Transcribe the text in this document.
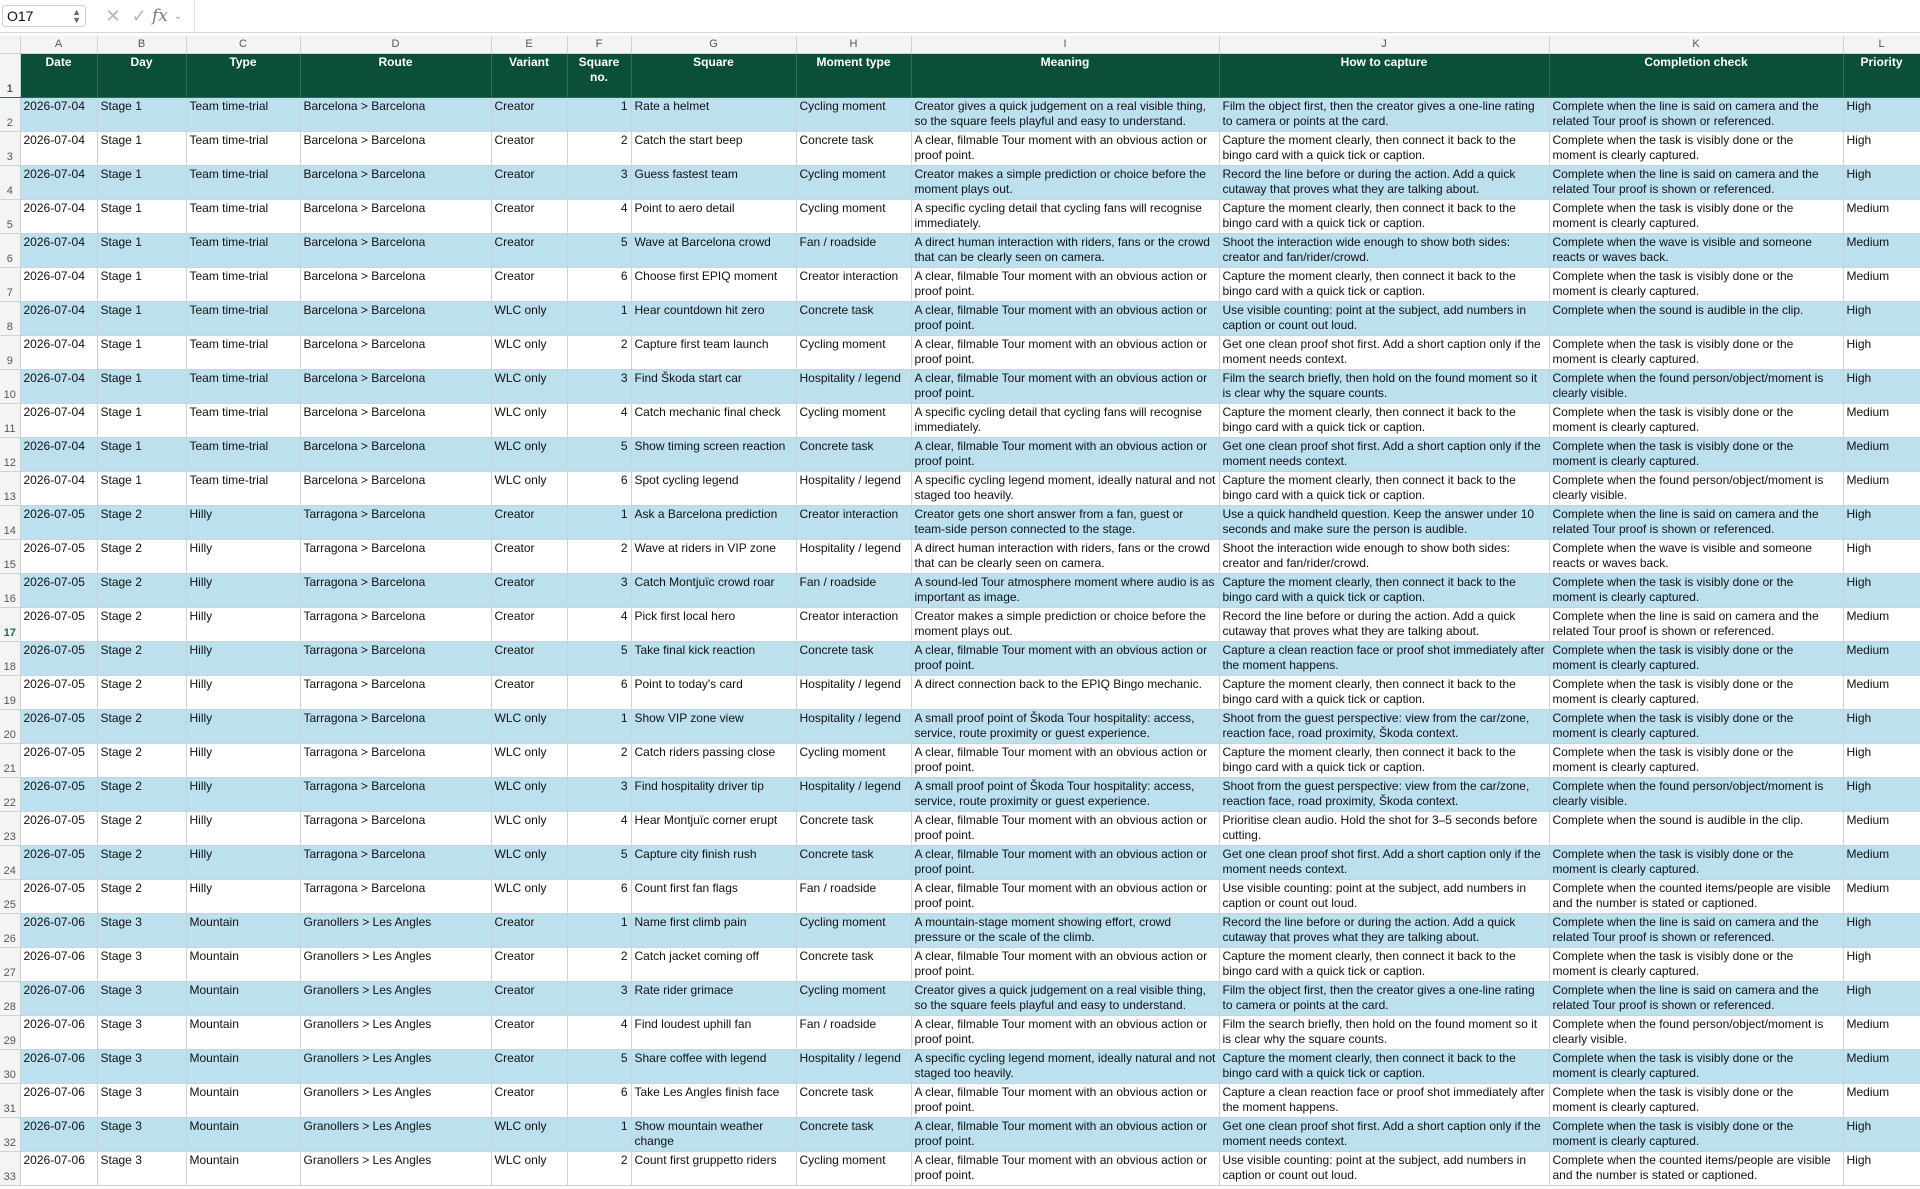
O17	▲
▼	✕ ✓ fx ⌄
	A	B	C	D	E	F	G	H	I	J	K	L
1	Date	Day	Type	Route	Variant	Square no.	Square	Moment type	Meaning	How to capture	Completion check	Priority
2	2026-07-04	Stage 1	Team time-trial	Barcelona > Barcelona	Creator	1	Rate a helmet	Cycling moment	Creator gives a quick judgement on a real visible thing, so the square feels playful and easy to understand.	Film the object first, then the creator gives a one-line rating to camera or points at the card.	Complete when the line is said on camera and the related Tour proof is shown or referenced.	High
3	2026-07-04	Stage 1	Team time-trial	Barcelona > Barcelona	Creator	2	Catch the start beep	Concrete task	A clear, filmable Tour moment with an obvious action or proof point.	Capture the moment clearly, then connect it back to the bingo card with a quick tick or caption.	Complete when the task is visibly done or the moment is clearly captured.	High
4	2026-07-04	Stage 1	Team time-trial	Barcelona > Barcelona	Creator	3	Guess fastest team	Cycling moment	Creator makes a simple prediction or choice before the moment plays out.	Record the line before or during the action. Add a quick cutaway that proves what they are talking about.	Complete when the line is said on camera and the related Tour proof is shown or referenced.	High
5	2026-07-04	Stage 1	Team time-trial	Barcelona > Barcelona	Creator	4	Point to aero detail	Cycling moment	A specific cycling detail that cycling fans will recognise immediately.	Capture the moment clearly, then connect it back to the bingo card with a quick tick or caption.	Complete when the task is visibly done or the moment is clearly captured.	Medium
6	2026-07-04	Stage 1	Team time-trial	Barcelona > Barcelona	Creator	5	Wave at Barcelona crowd	Fan / roadside	A direct human interaction with riders, fans or the crowd that can be clearly seen on camera.	Shoot the interaction wide enough to show both sides: creator and fan/rider/crowd.	Complete when the wave is visible and someone reacts or waves back.	Medium
7	2026-07-04	Stage 1	Team time-trial	Barcelona > Barcelona	Creator	6	Choose first EPIQ moment	Creator interaction	A clear, filmable Tour moment with an obvious action or proof point.	Capture the moment clearly, then connect it back to the bingo card with a quick tick or caption.	Complete when the task is visibly done or the moment is clearly captured.	Medium
8	2026-07-04	Stage 1	Team time-trial	Barcelona > Barcelona	WLC only	1	Hear countdown hit zero	Concrete task	A clear, filmable Tour moment with an obvious action or proof point.	Use visible counting: point at the subject, add numbers in caption or count out loud.	Complete when the sound is audible in the clip.	High
9	2026-07-04	Stage 1	Team time-trial	Barcelona > Barcelona	WLC only	2	Capture first team launch	Cycling moment	A clear, filmable Tour moment with an obvious action or proof point.	Get one clean proof shot first. Add a short caption only if the moment needs context.	Complete when the task is visibly done or the moment is clearly captured.	High
10	2026-07-04	Stage 1	Team time-trial	Barcelona > Barcelona	WLC only	3	Find Škoda start car	Hospitality / legend	A clear, filmable Tour moment with an obvious action or proof point.	Film the search briefly, then hold on the found moment so it is clear why the square counts.	Complete when the found person/object/moment is clearly visible.	High
11	2026-07-04	Stage 1	Team time-trial	Barcelona > Barcelona	WLC only	4	Catch mechanic final check	Cycling moment	A specific cycling detail that cycling fans will recognise immediately.	Capture the moment clearly, then connect it back to the bingo card with a quick tick or caption.	Complete when the task is visibly done or the moment is clearly captured.	Medium
12	2026-07-04	Stage 1	Team time-trial	Barcelona > Barcelona	WLC only	5	Show timing screen reaction	Concrete task	A clear, filmable Tour moment with an obvious action or proof point.	Get one clean proof shot first. Add a short caption only if the moment needs context.	Complete when the task is visibly done or the moment is clearly captured.	Medium
13	2026-07-04	Stage 1	Team time-trial	Barcelona > Barcelona	WLC only	6	Spot cycling legend	Hospitality / legend	A specific cycling legend moment, ideally natural and not staged too heavily.	Capture the moment clearly, then connect it back to the bingo card with a quick tick or caption.	Complete when the found person/object/moment is clearly visible.	Medium
14	2026-07-05	Stage 2	Hilly	Tarragona > Barcelona	Creator	1	Ask a Barcelona prediction	Creator interaction	Creator gets one short answer from a fan, guest or team-side person connected to the stage.	Use a quick handheld question. Keep the answer under 10 seconds and make sure the person is audible.	Complete when the line is said on camera and the related Tour proof is shown or referenced.	High
15	2026-07-05	Stage 2	Hilly	Tarragona > Barcelona	Creator	2	Wave at riders in VIP zone	Hospitality / legend	A direct human interaction with riders, fans or the crowd that can be clearly seen on camera.	Shoot the interaction wide enough to show both sides: creator and fan/rider/crowd.	Complete when the wave is visible and someone reacts or waves back.	High
16	2026-07-05	Stage 2	Hilly	Tarragona > Barcelona	Creator	3	Catch Montjuïc crowd roar	Fan / roadside	A sound-led Tour atmosphere moment where audio is as important as image.	Capture the moment clearly, then connect it back to the bingo card with a quick tick or caption.	Complete when the task is visibly done or the moment is clearly captured.	High
17	2026-07-05	Stage 2	Hilly	Tarragona > Barcelona	Creator	4	Pick first local hero	Creator interaction	Creator makes a simple prediction or choice before the moment plays out.	Record the line before or during the action. Add a quick cutaway that proves what they are talking about.	Complete when the line is said on camera and the related Tour proof is shown or referenced.	Medium
18	2026-07-05	Stage 2	Hilly	Tarragona > Barcelona	Creator	5	Take final kick reaction	Concrete task	A clear, filmable Tour moment with an obvious action or proof point.	Capture a clean reaction face or proof shot immediately after the moment happens.	Complete when the task is visibly done or the moment is clearly captured.	Medium
19	2026-07-05	Stage 2	Hilly	Tarragona > Barcelona	Creator	6	Point to today's card	Hospitality / legend	A direct connection back to the EPIQ Bingo mechanic.	Capture the moment clearly, then connect it back to the bingo card with a quick tick or caption.	Complete when the task is visibly done or the moment is clearly captured.	Medium
20	2026-07-05	Stage 2	Hilly	Tarragona > Barcelona	WLC only	1	Show VIP zone view	Hospitality / legend	A small proof point of Škoda Tour hospitality: access, service, route proximity or guest experience.	Shoot from the guest perspective: view from the car/zone, reaction face, road proximity, Škoda context.	Complete when the task is visibly done or the moment is clearly captured.	High
21	2026-07-05	Stage 2	Hilly	Tarragona > Barcelona	WLC only	2	Catch riders passing close	Cycling moment	A clear, filmable Tour moment with an obvious action or proof point.	Capture the moment clearly, then connect it back to the bingo card with a quick tick or caption.	Complete when the task is visibly done or the moment is clearly captured.	High
22	2026-07-05	Stage 2	Hilly	Tarragona > Barcelona	WLC only	3	Find hospitality driver tip	Hospitality / legend	A small proof point of Škoda Tour hospitality: access, service, route proximity or guest experience.	Shoot from the guest perspective: view from the car/zone, reaction face, road proximity, Škoda context.	Complete when the found person/object/moment is clearly visible.	High
23	2026-07-05	Stage 2	Hilly	Tarragona > Barcelona	WLC only	4	Hear Montjuïc corner erupt	Concrete task	A clear, filmable Tour moment with an obvious action or proof point.	Prioritise clean audio. Hold the shot for 3–5 seconds before cutting.	Complete when the sound is audible in the clip.	Medium
24	2026-07-05	Stage 2	Hilly	Tarragona > Barcelona	WLC only	5	Capture city finish rush	Concrete task	A clear, filmable Tour moment with an obvious action or proof point.	Get one clean proof shot first. Add a short caption only if the moment needs context.	Complete when the task is visibly done or the moment is clearly captured.	Medium
25	2026-07-05	Stage 2	Hilly	Tarragona > Barcelona	WLC only	6	Count first fan flags	Fan / roadside	A clear, filmable Tour moment with an obvious action or proof point.	Use visible counting: point at the subject, add numbers in caption or count out loud.	Complete when the counted items/people are visible and the number is stated or captioned.	Medium
26	2026-07-06	Stage 3	Mountain	Granollers > Les Angles	Creator	1	Name first climb pain	Cycling moment	A mountain-stage moment showing effort, crowd pressure or the scale of the climb.	Record the line before or during the action. Add a quick cutaway that proves what they are talking about.	Complete when the line is said on camera and the related Tour proof is shown or referenced.	High
27	2026-07-06	Stage 3	Mountain	Granollers > Les Angles	Creator	2	Catch jacket coming off	Concrete task	A clear, filmable Tour moment with an obvious action or proof point.	Capture the moment clearly, then connect it back to the bingo card with a quick tick or caption.	Complete when the task is visibly done or the moment is clearly captured.	High
28	2026-07-06	Stage 3	Mountain	Granollers > Les Angles	Creator	3	Rate rider grimace	Cycling moment	Creator gives a quick judgement on a real visible thing, so the square feels playful and easy to understand.	Film the object first, then the creator gives a one-line rating to camera or points at the card.	Complete when the line is said on camera and the related Tour proof is shown or referenced.	High
29	2026-07-06	Stage 3	Mountain	Granollers > Les Angles	Creator	4	Find loudest uphill fan	Fan / roadside	A clear, filmable Tour moment with an obvious action or proof point.	Film the search briefly, then hold on the found moment so it is clear why the square counts.	Complete when the found person/object/moment is clearly visible.	Medium
30	2026-07-06	Stage 3	Mountain	Granollers > Les Angles	Creator	5	Share coffee with legend	Hospitality / legend	A specific cycling legend moment, ideally natural and not staged too heavily.	Capture the moment clearly, then connect it back to the bingo card with a quick tick or caption.	Complete when the task is visibly done or the moment is clearly captured.	Medium
31	2026-07-06	Stage 3	Mountain	Granollers > Les Angles	Creator	6	Take Les Angles finish face	Concrete task	A clear, filmable Tour moment with an obvious action or proof point.	Capture a clean reaction face or proof shot immediately after the moment happens.	Complete when the task is visibly done or the moment is clearly captured.	Medium
32	2026-07-06	Stage 3	Mountain	Granollers > Les Angles	WLC only	1	Show mountain weather change	Concrete task	A clear, filmable Tour moment with an obvious action or proof point.	Get one clean proof shot first. Add a short caption only if the moment needs context.	Complete when the task is visibly done or the moment is clearly captured.	High
33	2026-07-06	Stage 3	Mountain	Granollers > Les Angles	WLC only	2	Count first gruppetto riders	Cycling moment	A clear, filmable Tour moment with an obvious action or proof point.	Use visible counting: point at the subject, add numbers in caption or count out loud.	Complete when the counted items/people are visible and the number is stated or captioned.	High
